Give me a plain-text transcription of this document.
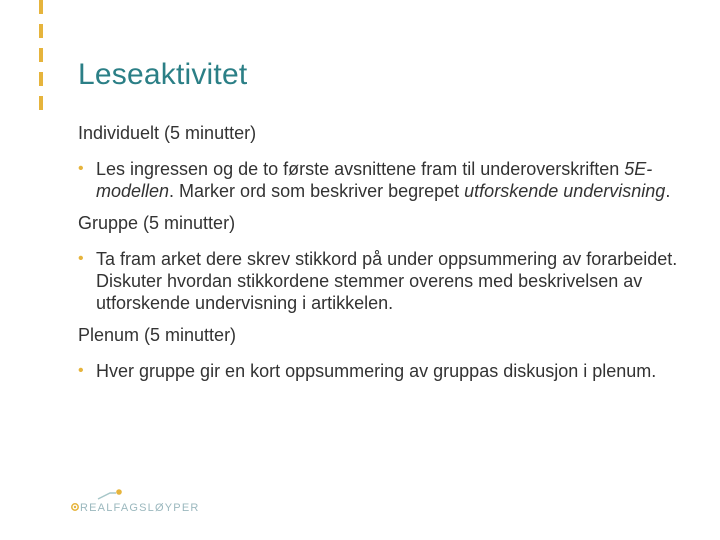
Leseaktivitet

Individuelt (5 minutter)

• Les ingressen og de to første avsnittene fram til underoverskriften 5E-modellen. Marker ord som beskriver begrepet utforskende undervisning.

Gruppe (5 minutter)

• Ta fram arket dere skrev stikkord på under oppsummering av forarbeidet. Diskuter hvordan stikkordene stemmer overens med beskrivelsen av utforskende undervisning i artikkelen.

Plenum (5 minutter)

• Hver gruppe gir en kort oppsummering av gruppas diskusjon i plenum.

REALFAGSLØYPER
